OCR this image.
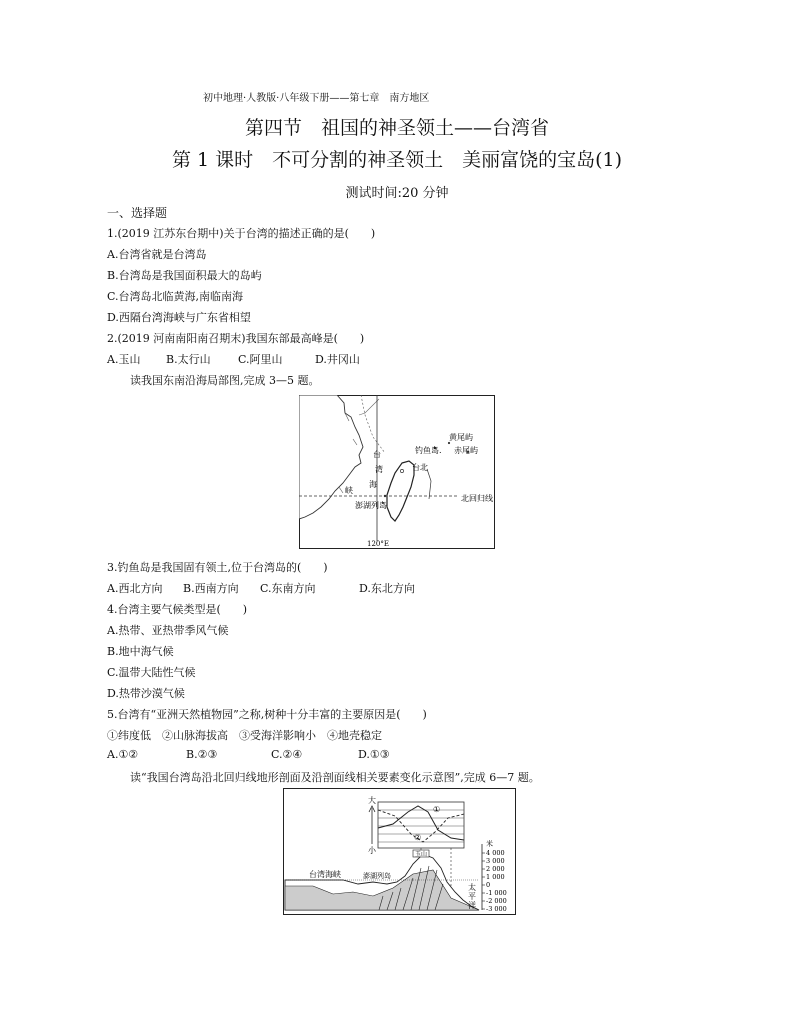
初中地理·人教版·八年级下册——第七章　南方地区
第四节　祖国的神圣领土——台湾省
第 1 课时　不可分割的神圣领土　美丽富饶的宝岛(1)
测试时间:20 分钟
一、选择题
1.(2019 江苏东台期中)关于台湾的描述正确的是(　　)
A.台湾省就是台湾岛
B.台湾岛是我国面积最大的岛屿
C.台湾岛北临黄海,南临南海
D.西隔台湾海峡与广东省相望
2.(2019 河南南阳南召期末)我国东部最高峰是(　　)
A.玉山 B.太行山 C.阿里山	D.井冈山
读我国东南沿海局部图,完成 3—5 题。
黄尾屿
钓鱼岛. 赤尾屿
台
湾
海
峡
台北
北回归线
澎湖列岛
120°E
3.钓鱼岛是我国固有领土,位于台湾岛的(　　)
A.西北方向 B.西南方向 C.东南方向	D.东北方向
4.台湾主要气候类型是(　　)
A.热带、亚热带季风气候
B.地中海气候
C.温带大陆性气候
D.热带沙漠气候
5.台湾有“亚洲天然植物园”之称,树种十分丰富的主要原因是(　　)
①纬度低　②山脉海拔高　③受海洋影响小　④地壳稳定
A.①②	B.②③	C.②④	D.①③
读“我国台湾岛沿北回归线地形剖面及沿剖面线相关要素变化示意图”,完成 6—7 题。
大
小
①
②
玉山
台湾海峡	澎湖列岛
太
平
洋
米
4 000
3 000
2 000
1 000
0
-1 000
-2 000
-3 000
